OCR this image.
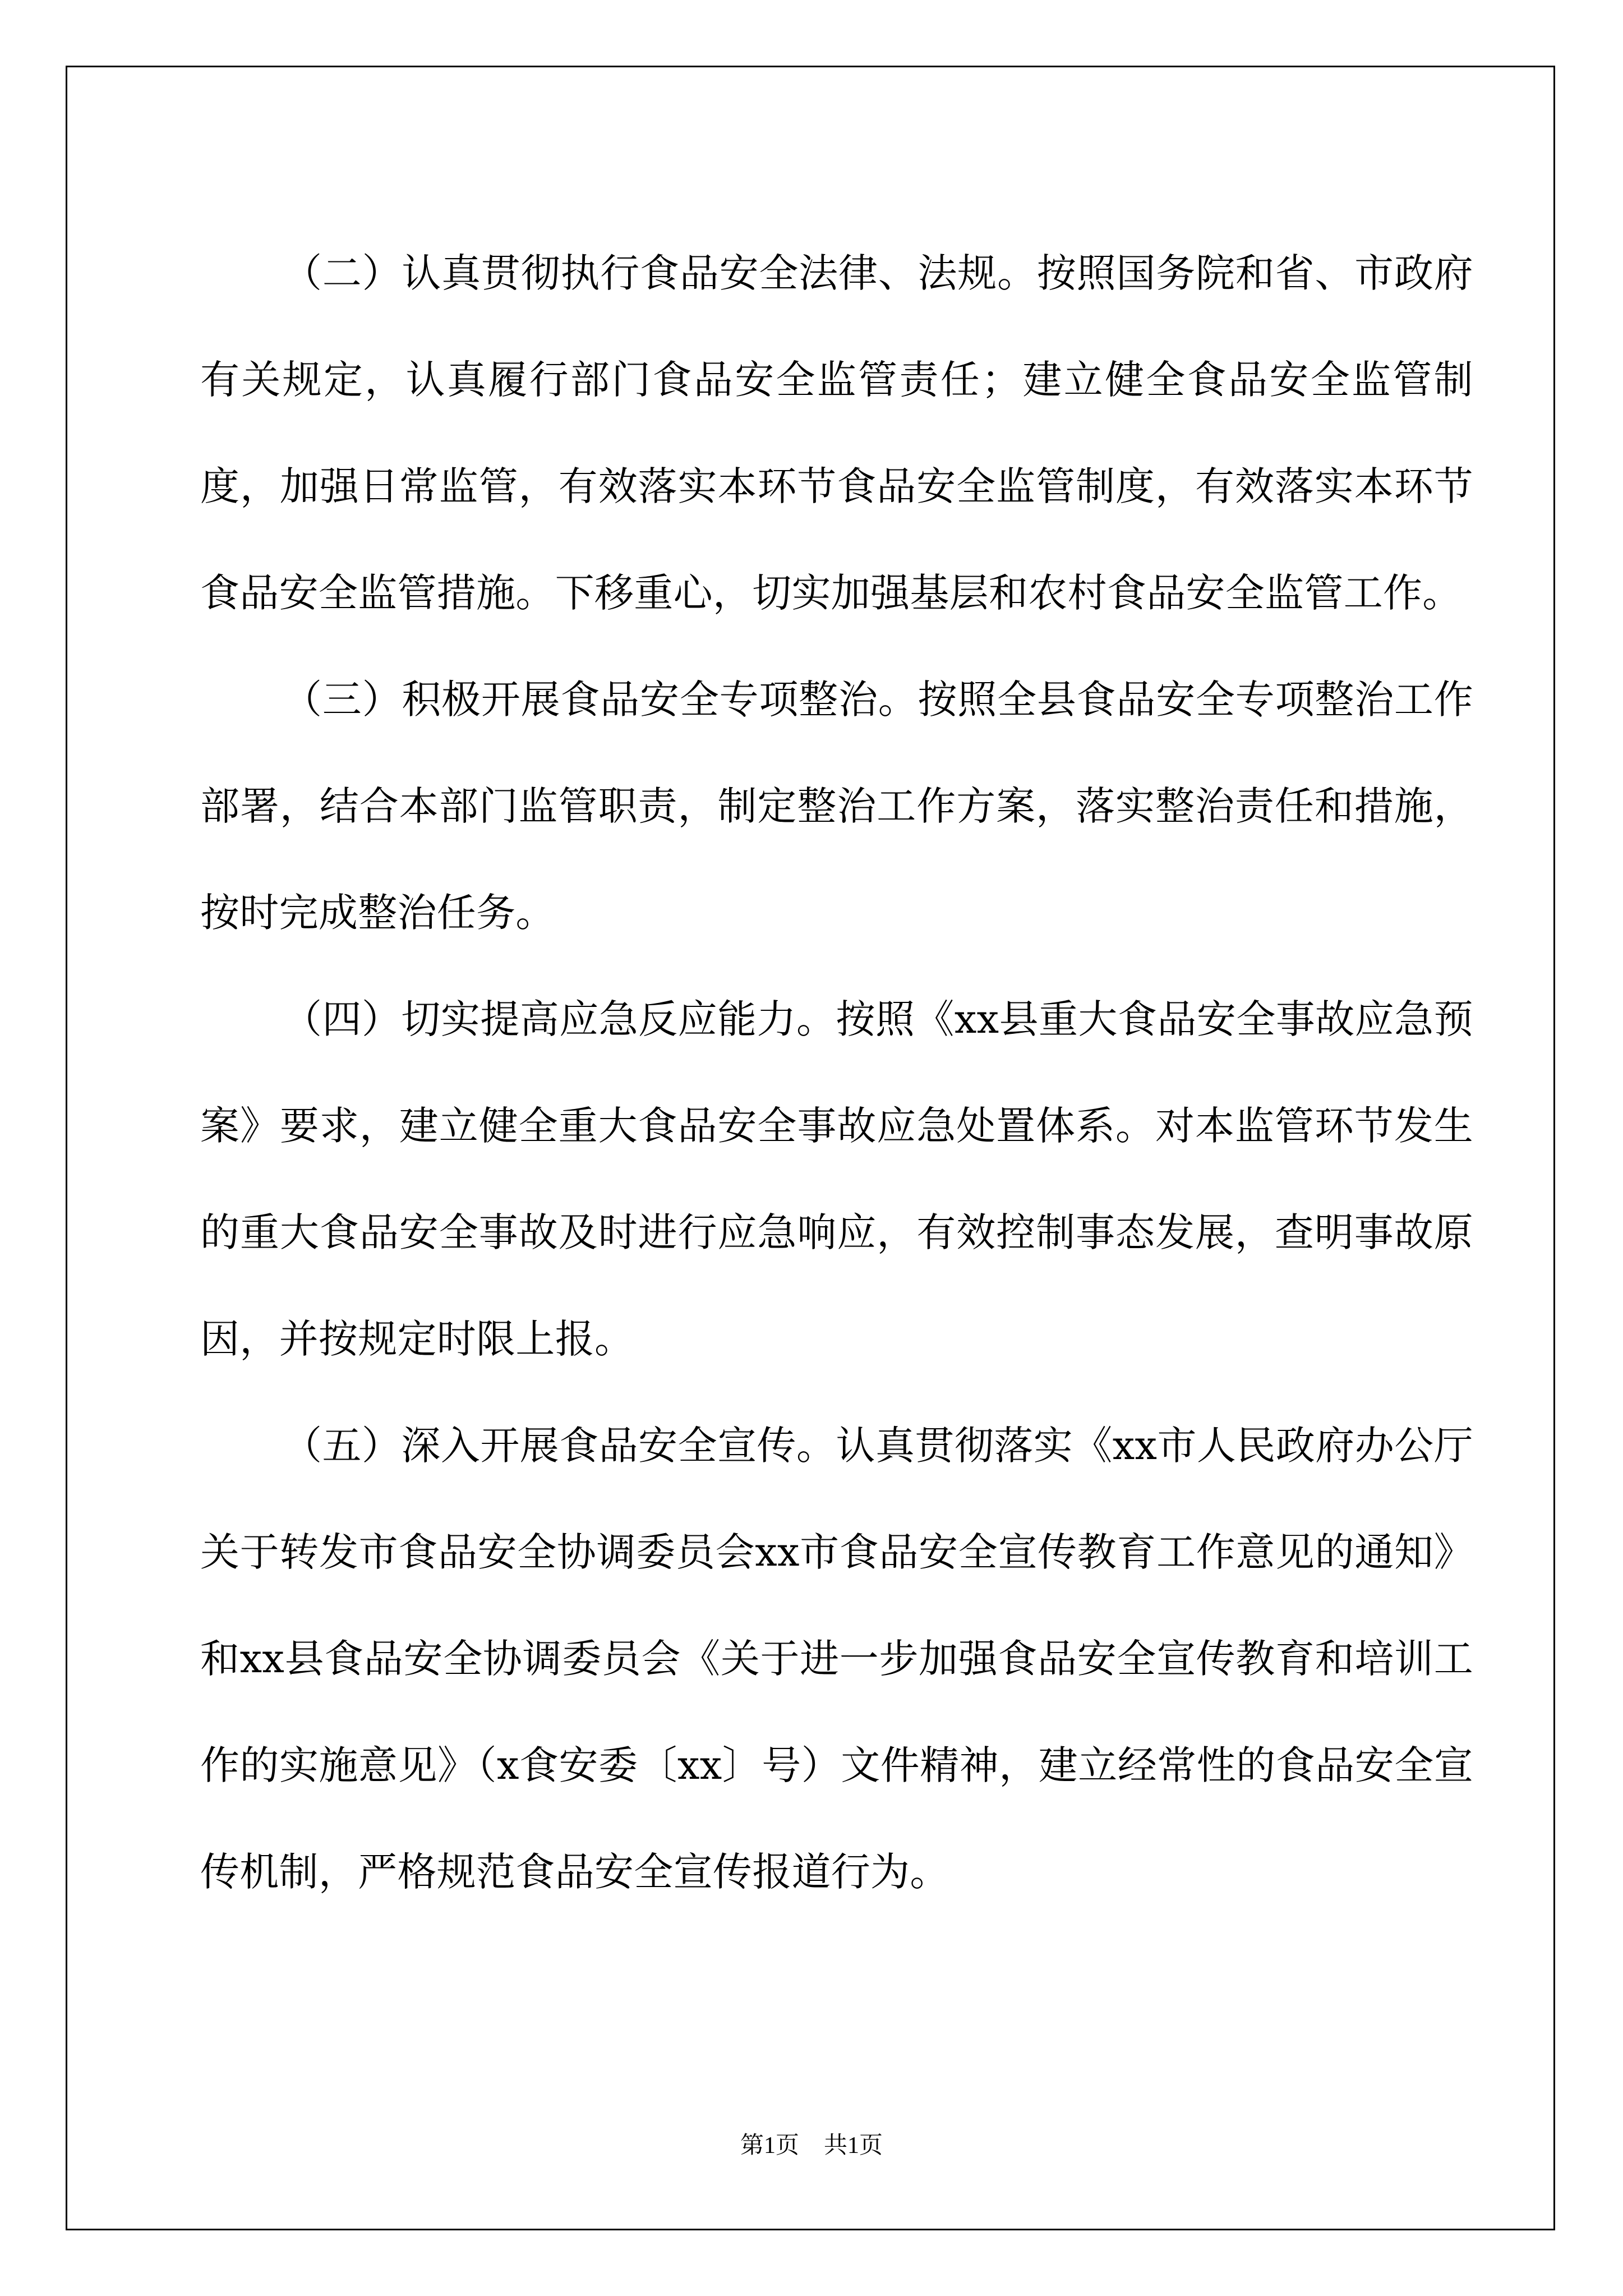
（二）认真贯彻执行食品安全法律、法规。按照国务院和省、市政府有关规定，认真履行部门食品安全监管责任；建立健全食品安全监管制度，加强日常监管，有效落实本环节食品安全监管制度，有效落实本环节食品安全监管措施。下移重心，切实加强基层和农村食品安全监管工作。

（三）积极开展食品安全专项整治。按照全县食品安全专项整治工作部署，结合本部门监管职责，制定整治工作方案，落实整治责任和措施，按时完成整治任务。

（四）切实提高应急反应能力。按照《xx县重大食品安全事故应急预案》要求，建立健全重大食品安全事故应急处置体系。对本监管环节发生的重大食品安全事故及时进行应急响应，有效控制事态发展，查明事故原因，并按规定时限上报。

（五）深入开展食品安全宣传。认真贯彻落实《xx市人民政府办公厅关于转发市食品安全协调委员会xx市食品安全宣传教育工作意见的通知》和xx县食品安全协调委员会《关于进一步加强食品安全宣传教育和培训工作的实施意见》（x食安委〔xx〕号）文件精神，建立经常性的食品安全宣传机制，严格规范食品安全宣传报道行为。

第1页 共1页
